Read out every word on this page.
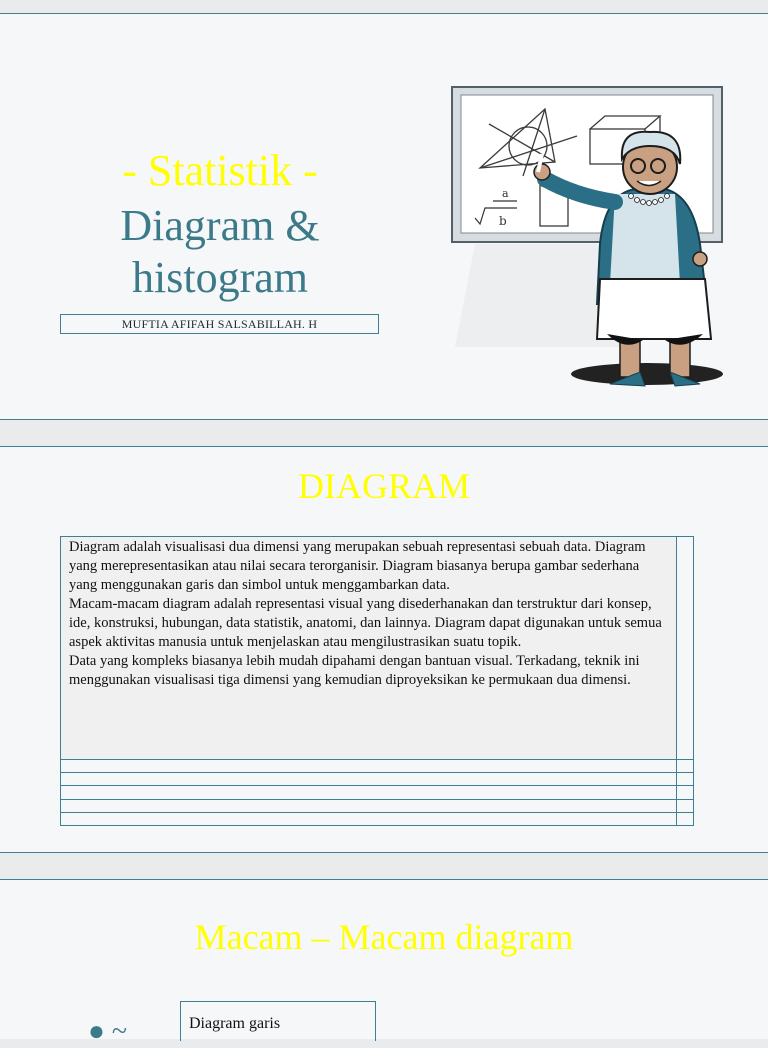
- Statistik -
Diagram &
histogram
MUFTIA AFIFAH SALSABILLAH. H
a
b
DIAGRAM

Diagram adalah visualisasi dua dimensi yang merupakan sebuah representasi sebuah data. Diagram yang merepresentasikan atau nilai secara terorganisir. Diagram biasanya berupa gambar sederhana yang menggunakan garis dan simbol untuk menggambarkan data.

Macam-macam diagram adalah representasi visual yang disederhanakan dan terstruktur dari konsep, ide, konstruksi, hubungan, data statistik, anatomi, dan lainnya. Diagram dapat digunakan untuk semua aspek aktivitas manusia untuk menjelaskan atau mengilustrasikan suatu topik.

Data yang kompleks biasanya lebih mudah dipahami dengan bantuan visual. Terkadang, teknik ini menggunakan visualisasi tiga dimensi yang kemudian diproyeksikan ke permukaan dua dimensi.

Macam – Macam diagram
● ~	Diagram garis
